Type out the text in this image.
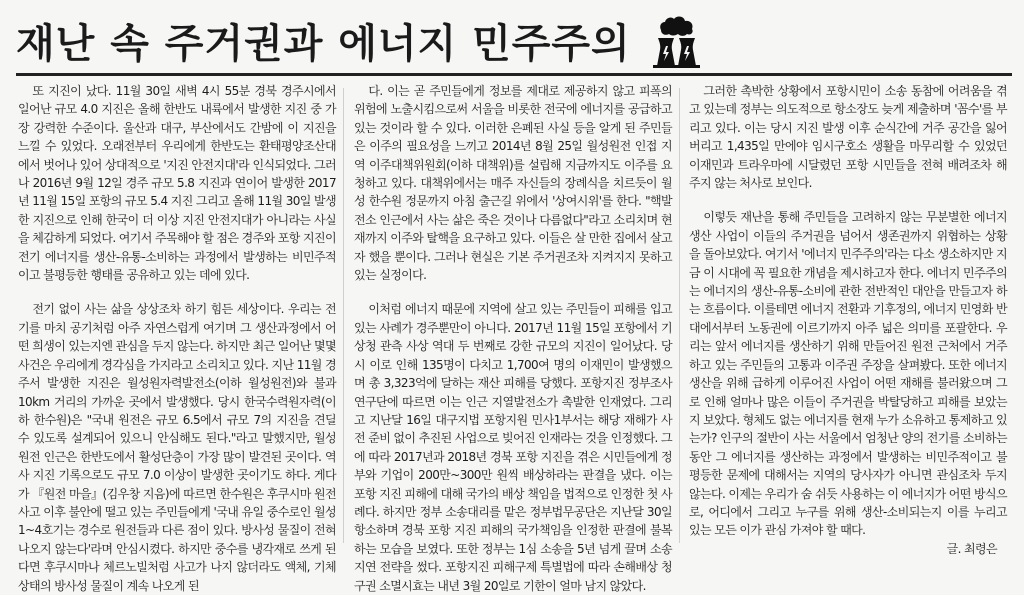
재난 속 주거권과 에너지 민주주의

또 지진이 났다. 11월 30일 새벽 4시 55분 경북 경주시에서 일어난 규모 4.0 지진은 올해 한반도 내륙에서 발생한 지진 중 가장 강력한 수준이다. 울산과 대구, 부산에서도 간밤에 이 지진을 느낄 수 있었다. 오래전부터 우리에게 한반도는 환태평양조산대에서 벗어나 있어 상대적으로 '지진 안전지대'라 인식되었다. 그러나 2016년 9월 12일 경주 규모 5.8 지진과 연이어 발생한 2017년 11월 15일 포항의 규모 5.4 지진 그리고 올해 11월 30일 발생한 지진으로 인해 한국이 더 이상 지진 안전지대가 아니라는 사실을 체감하게 되었다. 여기서 주목해야 할 점은 경주와 포항 지진이 전기 에너지를 생산-유통-소비하는 과정에서 발생하는 비민주적이고 불평등한 행태를 공유하고 있는 데에 있다.

전기 없이 사는 삶을 상상조차 하기 힘든 세상이다. 우리는 전기를 마치 공기처럼 아주 자연스럽게 여기며 그 생산과정에서 어떤 희생이 있는지엔 관심을 두지 않는다. 하지만 최근 일어난 몇몇 사건은 우리에게 경각심을 가지라고 소리치고 있다. 지난 11월 경주서 발생한 지진은 월성원자력발전소(이하 월성원전)와 불과 10km 거리의 가까운 곳에서 발생했다. 당시 한국수력원자력(이하 한수원)은 "국내 원전은 규모 6.5에서 규모 7의 지진을 견딜 수 있도록 설계되어 있으니 안심해도 된다."라고 말했지만, 월성원전 인근은 한반도에서 활성단층이 가장 많이 발견된 곳이다. 역사 지진 기록으로도 규모 7.0 이상이 발생한 곳이기도 하다. 게다가 『원전 마을』(김우창 지음)에 따르면 한수원은 후쿠시마 원전 사고 이후 불안에 떨고 있는 주민들에게 '국내 유일 중수로인 월성 1~4호기는 경수로 원전들과 다른 점이 있다. 방사성 물질이 전혀 나오지 않는다'라며 안심시켰다. 하지만 중수를 냉각재로 쓰게 된다면 후쿠시마나 체르노빌처럼 사고가 나지 않더라도 액체, 기체 상태의 방사성 물질이 계속 나오게 된

다. 이는 곧 주민들에게 정보를 제대로 제공하지 않고 피폭의 위험에 노출시킴으로써 서울을 비롯한 전국에 에너지를 공급하고 있는 것이라 할 수 있다. 이러한 은폐된 사실 등을 알게 된 주민들은 이주의 필요성을 느끼고 2014년 8월 25일 월성원전 인접 지역 이주대책위원회(이하 대책위)를 설립해 지금까지도 이주를 요청하고 있다. 대책위에서는 매주 자신들의 장례식을 치르듯이 월성 한수원 정문까지 아침 출근길 위에서 '상여시위'를 한다. "핵발전소 인근에서 사는 삶은 죽은 것이나 다름없다"라고 소리치며 현재까지 이주와 탈핵을 요구하고 있다. 이들은 살 만한 집에서 살고자 했을 뿐이다. 그러나 현실은 기본 주거권조차 지켜지지 못하고 있는 실정이다.

이처럼 에너지 때문에 지역에 살고 있는 주민들이 피해를 입고 있는 사례가 경주뿐만이 아니다. 2017년 11월 15일 포항에서 기상청 관측 사상 역대 두 번째로 강한 규모의 지진이 일어났다. 당시 이로 인해 135명이 다치고 1,700여 명의 이재민이 발생했으며 총 3,323억에 달하는 재산 피해를 당했다. 포항지진 정부조사연구단에 따르면 이는 인근 지열발전소가 촉발한 인재였다. 그리고 지난달 16일 대구지법 포항지원 민사1부서는 해당 재해가 사전 준비 없이 추진된 사업으로 빚어진 인재라는 것을 인정했다. 그에 따라 2017년과 2018년 경북 포항 지진을 겪은 시민들에게 정부와 기업이 200만~300만 원씩 배상하라는 판결을 냈다. 이는 포항 지진 피해에 대해 국가의 배상 책임을 법적으로 인정한 첫 사례다. 하지만 정부 소송대리를 맡은 정부법무공단은 지난달 30일 항소하며 경북 포항 지진 피해의 국가책임을 인정한 판결에 불복하는 모습을 보였다. 또한 정부는 1심 소송을 5년 넘게 끌며 소송 지연 전략을 썼다. 포항지진 피해구제 특별법에 따라 손해배상 청구권 소멸시효는 내년 3월 20일로 기한이 얼마 남지 않았다.

그러한 촉박한 상황에서 포항시민이 소송 동참에 어려움을 겪고 있는데 정부는 의도적으로 항소장도 늦게 제출하며 '꼼수'를 부리고 있다. 이는 당시 지진 발생 이후 순식간에 거주 공간을 잃어버리고 1,435일 만에야 임시구호소 생활을 마무리할 수 있었던 이재민과 트라우마에 시달렸던 포항 시민들을 전혀 배려조차 해주지 않는 처사로 보인다.

이렇듯 재난을 통해 주민들을 고려하지 않는 무분별한 에너지 생산 사업이 이들의 주거권을 넘어서 생존권까지 위협하는 상황을 돌아보았다. 여기서 '에너지 민주주의'라는 다소 생소하지만 지금 이 시대에 꼭 필요한 개념을 제시하고자 한다. 에너지 민주주의는 에너지의 생산-유통-소비에 관한 전반적인 대안을 만들고자 하는 흐름이다. 이를테면 에너지 전환과 기후정의, 에너지 민영화 반대에서부터 노동권에 이르기까지 아주 넓은 의미를 포괄한다. 우리는 앞서 에너지를 생산하기 위해 만들어진 원전 근처에서 거주하고 있는 주민들의 고통과 이주권 주장을 살펴봤다. 또한 에너지 생산을 위해 급하게 이루어진 사업이 어떤 재해를 불러왔으며 그로 인해 얼마나 많은 이들이 주거권을 박탈당하고 피해를 보았는지 보았다. 형체도 없는 에너지를 현재 누가 소유하고 통제하고 있는가? 인구의 절반이 사는 서울에서 엄청난 양의 전기를 소비하는 동안 그 에너지를 생산하는 과정에서 발생하는 비민주적이고 불평등한 문제에 대해서는 지역의 당사자가 아니면 관심조차 두지 않는다. 이제는 우리가 숨 쉬듯 사용하는 이 에너지가 어떤 방식으로, 어디에서 그리고 누구를 위해 생산-소비되는지 이를 누리고 있는 모든 이가 관심 가져야 할 때다.

글. 최령은
